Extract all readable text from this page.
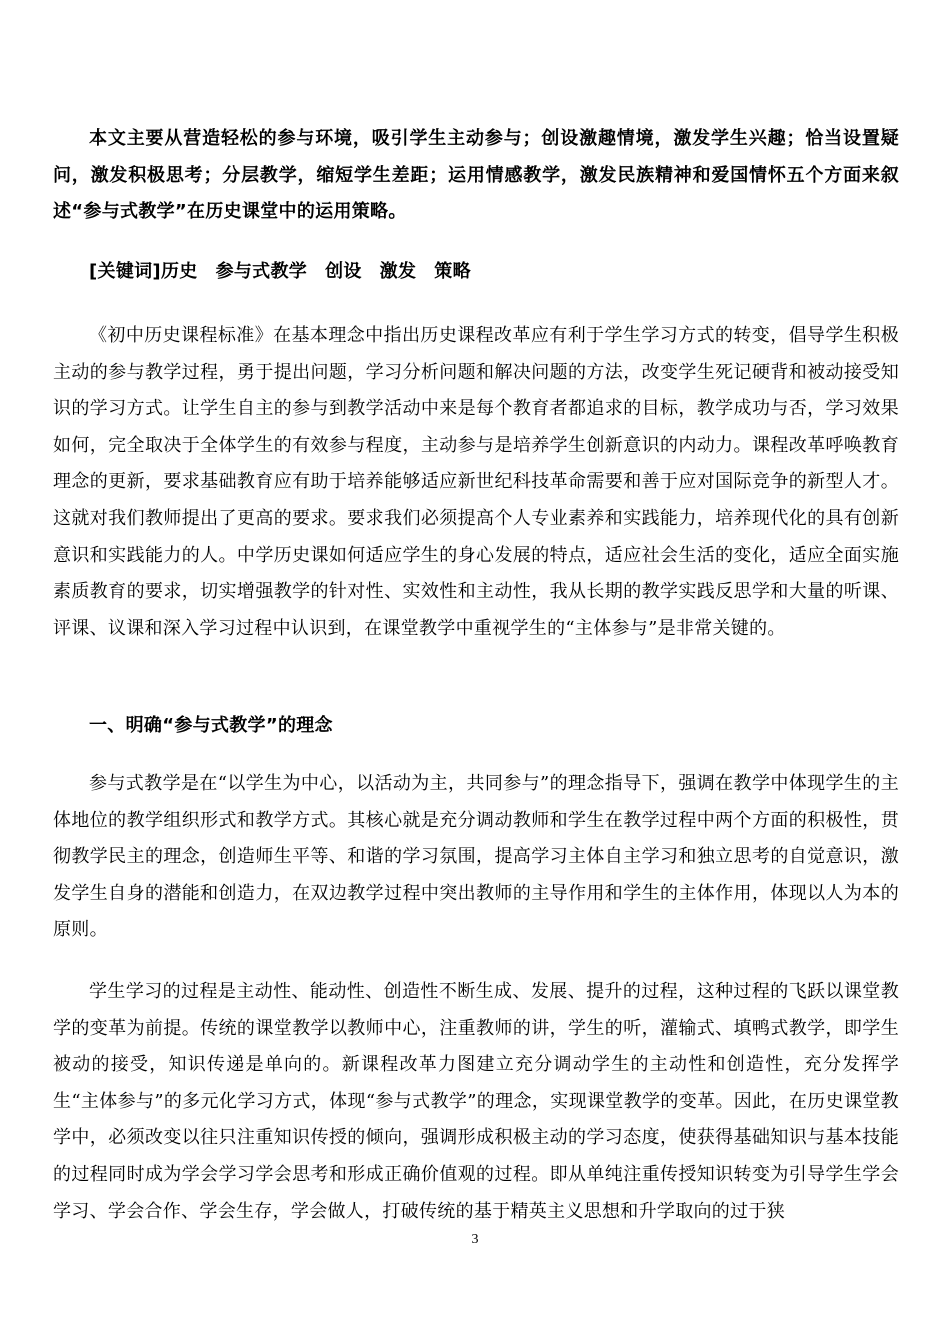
本文主要从营造轻松的参与环境，吸引学生主动参与；创设激趣情境，激发学生兴趣；恰当设置疑问，激发积极思考；分层教学，缩短学生差距；运用情感教学，激发民族精神和爱国情怀五个方面来叙述“参与式教学”在历史课堂中的运用策略。

[关键词]历史 参与式教学 创设 激发 策略

《初中历史课程标准》在基本理念中指出历史课程改革应有利于学生学习方式的转变，倡导学生积极主动的参与教学过程，勇于提出问题，学习分析问题和解决问题的方法，改变学生死记硬背和被动接受知识的学习方式。让学生自主的参与到教学活动中来是每个教育者都追求的目标，教学成功与否，学习效果如何，完全取决于全体学生的有效参与程度，主动参与是培养学生创新意识的内动力。课程改革呼唤教育理念的更新，要求基础教育应有助于培养能够适应新世纪科技革命需要和善于应对国际竞争的新型人才。这就对我们教师提出了更高的要求。要求我们必须提高个人专业素养和实践能力，培养现代化的具有创新意识和实践能力的人。中学历史课如何适应学生的身心发展的特点，适应社会生活的变化，适应全面实施素质教育的要求，切实增强教学的针对性、实效性和主动性，我从长期的教学实践反思学和大量的听课、评课、议课和深入学习过程中认识到，在课堂教学中重视学生的“主体参与”是非常关键的。

一、明确“参与式教学”的理念

参与式教学是在“以学生为中心，以活动为主，共同参与”的理念指导下，强调在教学中体现学生的主体地位的教学组织形式和教学方式。其核心就是充分调动教师和学生在教学过程中两个方面的积极性，贯彻教学民主的理念，创造师生平等、和谐的学习氛围，提高学习主体自主学习和独立思考的自觉意识，激发学生自身的潜能和创造力，在双边教学过程中突出教师的主导作用和学生的主体作用，体现以人为本的原则。

学生学习的过程是主动性、能动性、创造性不断生成、发展、提升的过程，这种过程的飞跃以课堂教学的变革为前提。传统的课堂教学以教师中心，注重教师的讲，学生的听，灌输式、填鸭式教学，即学生被动的接受，知识传递是单向的。新课程改革力图建立充分调动学生的主动性和创造性，充分发挥学生“主体参与”的多元化学习方式，体现“参与式教学”的理念，实现课堂教学的变革。因此，在历史课堂教学中，必须改变以往只注重知识传授的倾向，强调形成积极主动的学习态度，使获得基础知识与基本技能的过程同时成为学会学习学会思考和形成正确价值观的过程。即从单纯注重传授知识转变为引导学生学会学习、学会合作、学会生存，学会做人，打破传统的基于精英主义思想和升学取向的过于狭

3
